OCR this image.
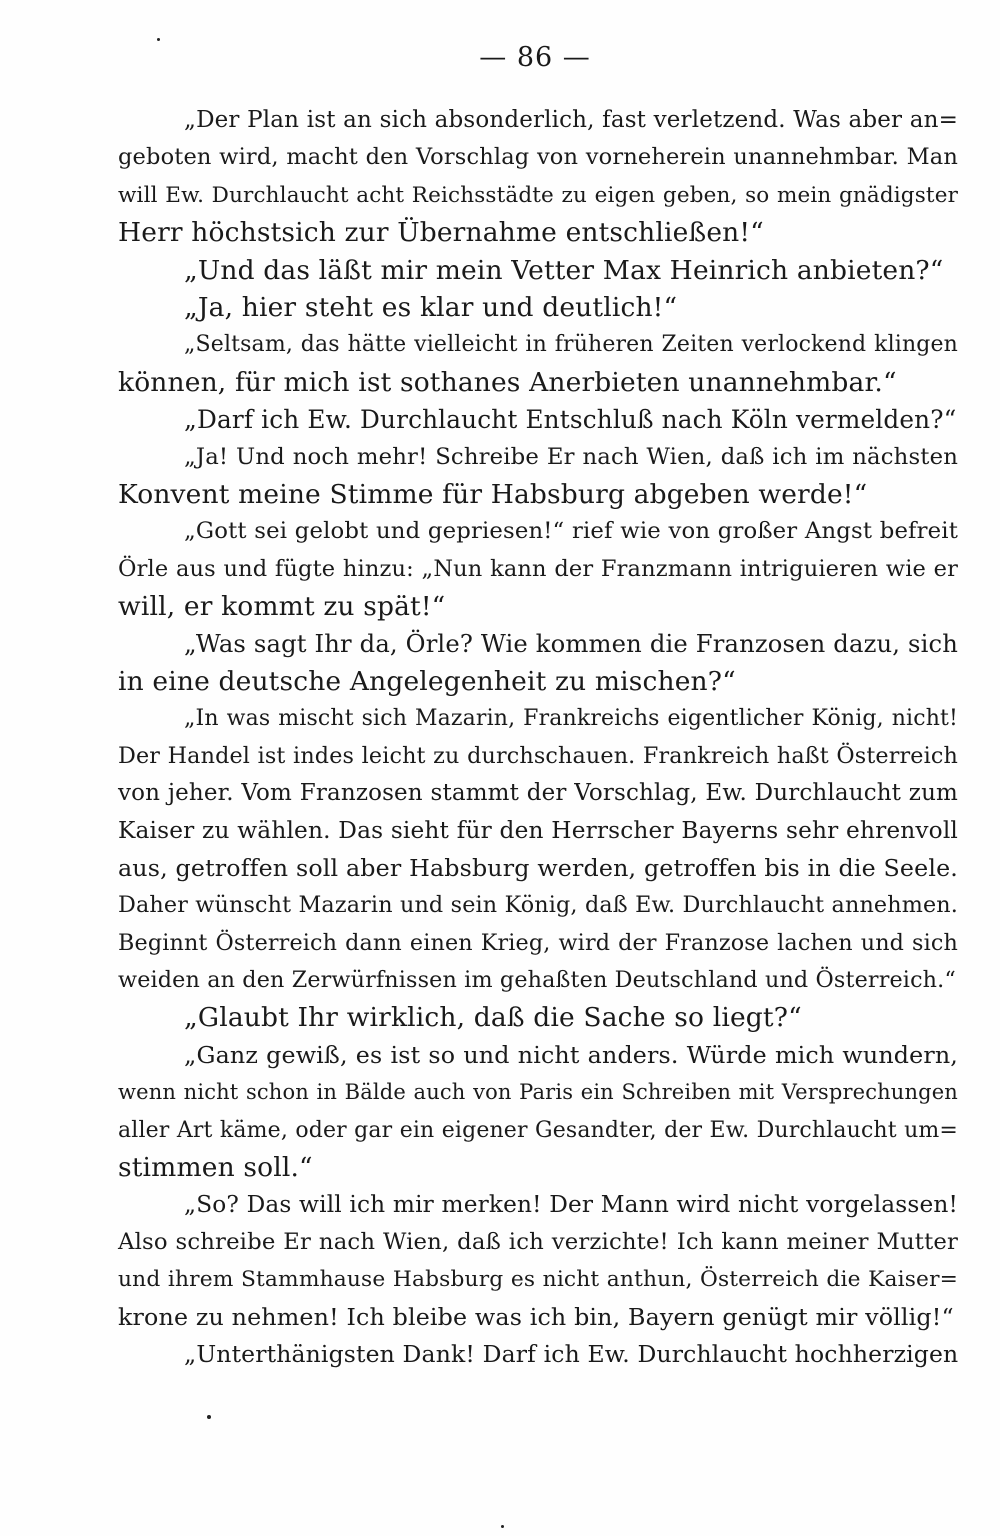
— 86 —
„Der Plan ist an sich absonderlich, fast verletzend. Was aber an=
geboten wird, macht den Vorschlag von vorneherein unannehmbar. Man
will Ew. Durchlaucht acht Reichsstädte zu eigen geben, so mein gnädigster
Herr höchstsich zur Übernahme entschließen!“
„Und das läßt mir mein Vetter Max Heinrich anbieten?“
„Ja, hier steht es klar und deutlich!“
„Seltsam, das hätte vielleicht in früheren Zeiten verlockend klingen
können, für mich ist sothanes Anerbieten unannehmbar.“
„Darf ich Ew. Durchlaucht Entschluß nach Köln vermelden?“
„Ja! Und noch mehr! Schreibe Er nach Wien, daß ich im nächsten
Konvent meine Stimme für Habsburg abgeben werde!“
„Gott sei gelobt und gepriesen!“ rief wie von großer Angst befreit
Örle aus und fügte hinzu: „Nun kann der Franzmann intriguieren wie er
will, er kommt zu spät!“
„Was sagt Ihr da, Örle? Wie kommen die Franzosen dazu, sich
in eine deutsche Angelegenheit zu mischen?“
„In was mischt sich Mazarin, Frankreichs eigentlicher König, nicht!
Der Handel ist indes leicht zu durchschauen. Frankreich haßt Österreich
von jeher. Vom Franzosen stammt der Vorschlag, Ew. Durchlaucht zum
Kaiser zu wählen. Das sieht für den Herrscher Bayerns sehr ehrenvoll
aus, getroffen soll aber Habsburg werden, getroffen bis in die Seele.
Daher wünscht Mazarin und sein König, daß Ew. Durchlaucht annehmen.
Beginnt Österreich dann einen Krieg, wird der Franzose lachen und sich
weiden an den Zerwürfnissen im gehaßten Deutschland und Österreich.“
„Glaubt Ihr wirklich, daß die Sache so liegt?“
„Ganz gewiß, es ist so und nicht anders. Würde mich wundern,
wenn nicht schon in Bälde auch von Paris ein Schreiben mit Versprechungen
aller Art käme, oder gar ein eigener Gesandter, der Ew. Durchlaucht um=
stimmen soll.“
„So? Das will ich mir merken! Der Mann wird nicht vorgelassen!
Also schreibe Er nach Wien, daß ich verzichte! Ich kann meiner Mutter
und ihrem Stammhause Habsburg es nicht anthun, Österreich die Kaiser=
krone zu nehmen! Ich bleibe was ich bin, Bayern genügt mir völlig!“
„Unterthänigsten Dank! Darf ich Ew. Durchlaucht hochherzigen
